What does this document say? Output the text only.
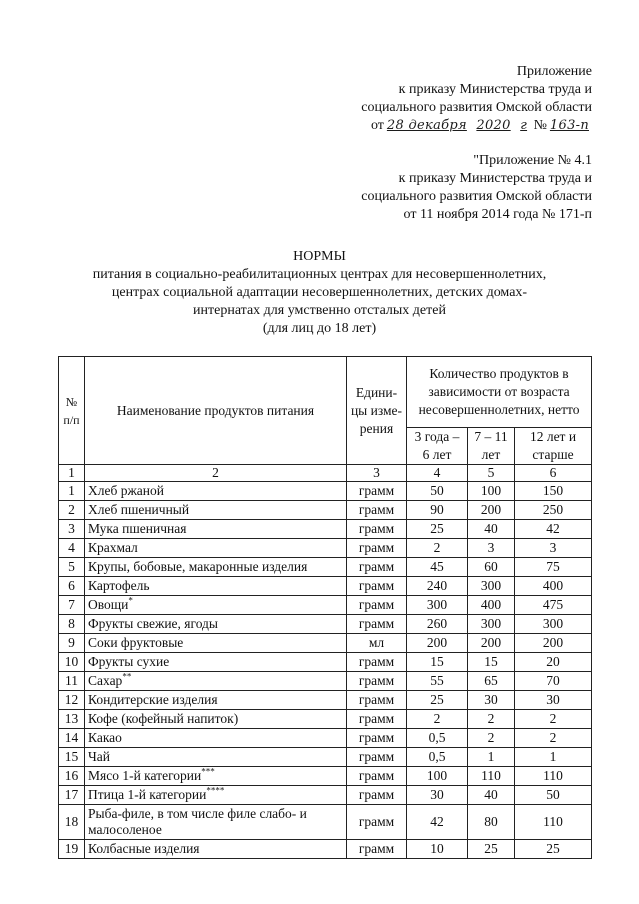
Приложение
к приказу Министерства труда и
социального развития Омской области
от 28 декабря 2020 г № 163-п
"Приложение № 4.1
к приказу Министерства труда и
социального развития Омской области
от 11 ноября 2014 года № 171-п
НОРМЫ
питания в социально-реабилитационных центрах для несовершеннолетних,
центрах социальной адаптации несовершеннолетних, детских домах-
интернатах для умственно отсталых детей
(для лиц до 18 лет)
№ п/п	Наименование продуктов питания	Едини-цы изме-рения	Количество продуктов в зависимости от возраста несовершеннолетних, нетто		
			3 года – 6 лет	7 – 11 лет	12 лет и старше
1	2	3	4	5	6
1	Хлеб ржаной	грамм	50	100	150
2	Хлеб пшеничный	грамм	90	200	250
3	Мука пшеничная	грамм	25	40	42
4	Крахмал	грамм	2	3	3
5	Крупы, бобовые, макаронные изделия	грамм	45	60	75
6	Картофель	грамм	240	300	400
7	Овощи*	грамм	300	400	475
8	Фрукты свежие, ягоды	грамм	260	300	300
9	Соки фруктовые	мл	200	200	200
10	Фрукты сухие	грамм	15	15	20
11	Сахар**	грамм	55	65	70
12	Кондитерские изделия	грамм	25	30	30
13	Кофе (кофейный напиток)	грамм	2	2	2
14	Какао	грамм	0,5	2	2
15	Чай	грамм	0,5	1	1
16	Мясо 1-й категории***	грамм	100	110	110
17	Птица 1-й категории****	грамм	30	40	50
18	Рыба-филе, в том числе филе слабо- и малосоленое	грамм	42	80	110
19	Колбасные изделия	грамм	10	25	25
